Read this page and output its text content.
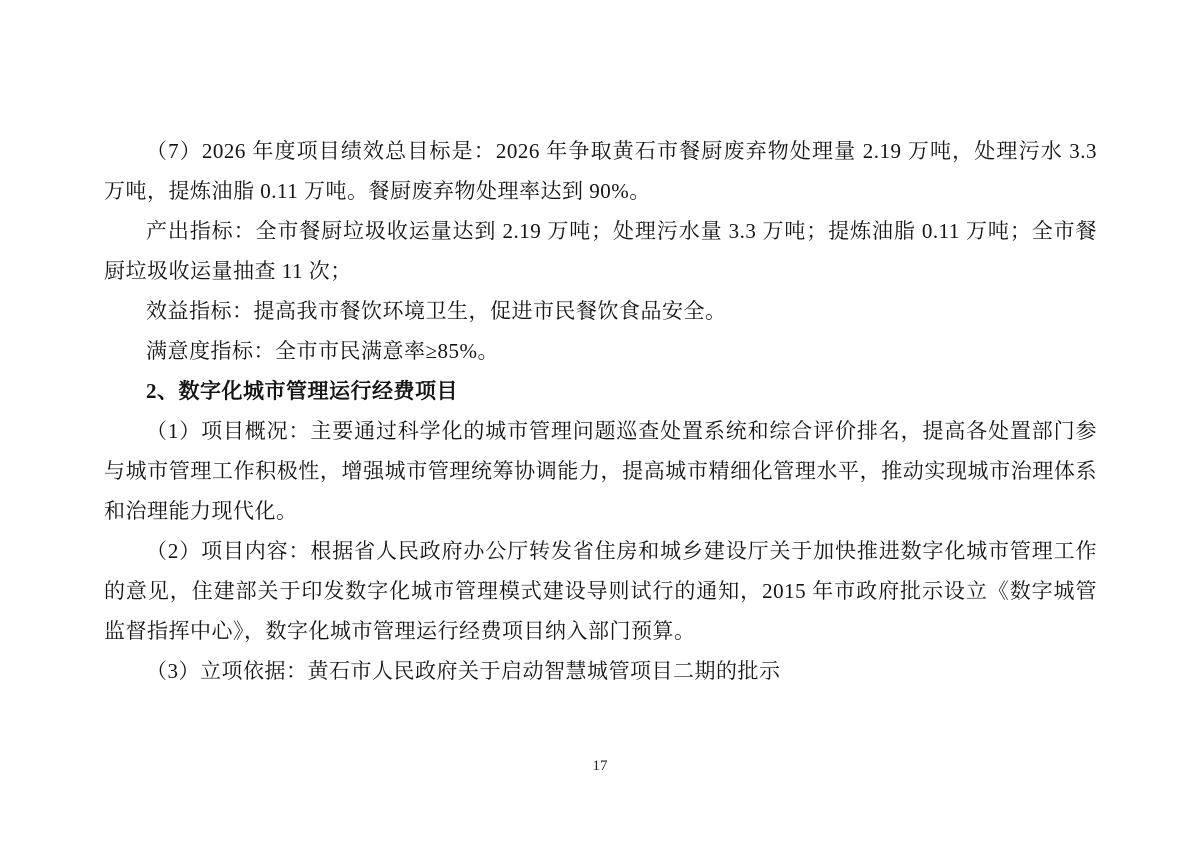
（7）2026 年度项目绩效总目标是：2026 年争取黄石市餐厨废弃物处理量 2.19 万吨，处理污水 3.3 万吨，提炼油脂 0.11 万吨。餐厨废弃物处理率达到 90%。

产出指标：全市餐厨垃圾收运量达到 2.19 万吨；处理污水量 3.3 万吨；提炼油脂 0.11 万吨；全市餐厨垃圾收运量抽查 11 次；

效益指标：提高我市餐饮环境卫生，促进市民餐饮食品安全。

满意度指标：全市市民满意率≥85%。

2、数字化城市管理运行经费项目

（1）项目概况：主要通过科学化的城市管理问题巡查处置系统和综合评价排名，提高各处置部门参与城市管理工作积极性，增强城市管理统筹协调能力，提高城市精细化管理水平，推动实现城市治理体系和治理能力现代化。

（2）项目内容：根据省人民政府办公厅转发省住房和城乡建设厅关于加快推进数字化城市管理工作的意见，住建部关于印发数字化城市管理模式建设导则试行的通知，2015 年市政府批示设立《数字城管监督指挥中心》，数字化城市管理运行经费项目纳入部门预算。

（3）立项依据：黄石市人民政府关于启动智慧城管项目二期的批示

17
